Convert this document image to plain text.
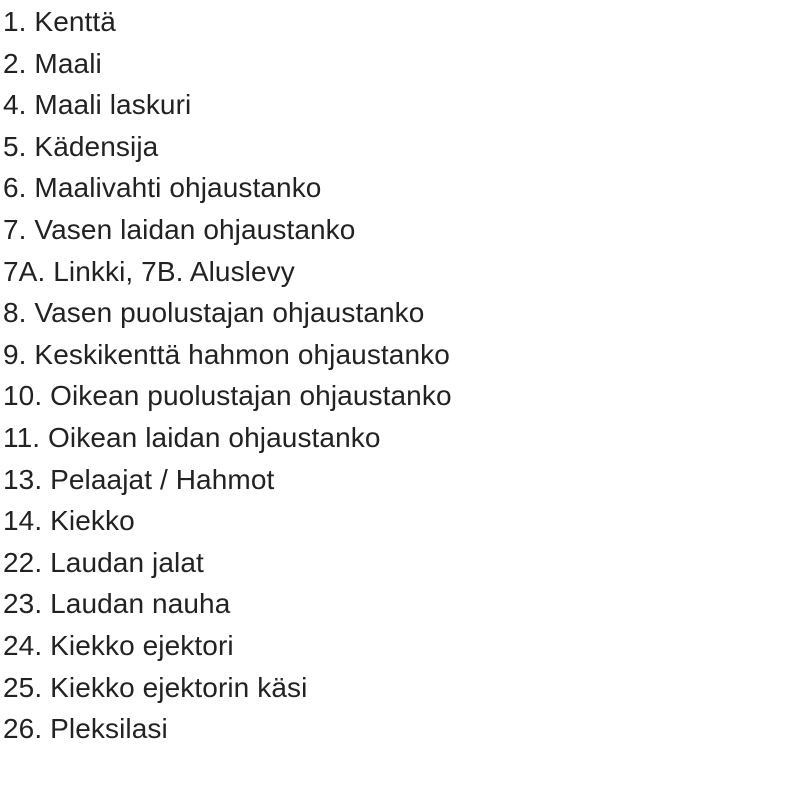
1. Kenttä
2. Maali
4. Maali laskuri
5. Kädensija
6. Maalivahti ohjaustanko
7. Vasen laidan ohjaustanko
7A. Linkki, 7B. Aluslevy
8. Vasen puolustajan ohjaustanko
9. Keskikenttä hahmon ohjaustanko
10. Oikean puolustajan ohjaustanko
11. Oikean laidan ohjaustanko
13. Pelaajat / Hahmot
14. Kiekko
22. Laudan jalat
23. Laudan nauha
24. Kiekko ejektori
25. Kiekko ejektorin käsi
26. Pleksilasi
